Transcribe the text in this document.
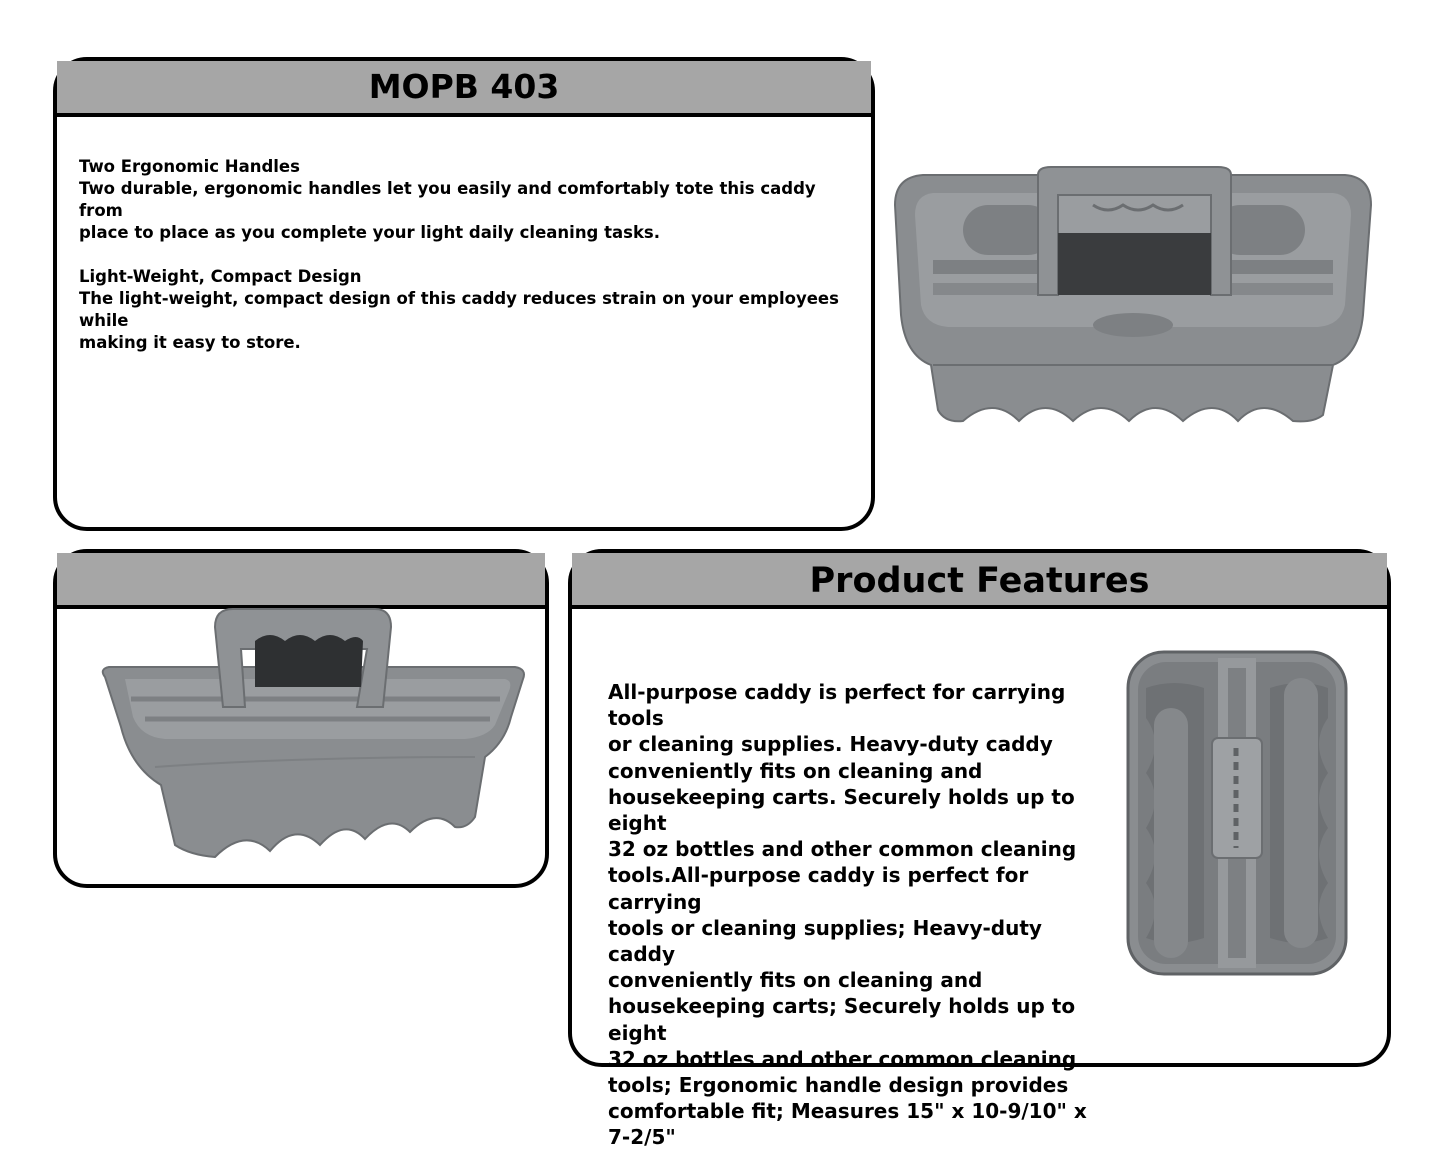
MOPB 403

Two Ergonomic Handles
Two durable, ergonomic handles let you easily and comfortably tote this caddy from
place to place as you complete your light daily cleaning tasks.

Light-Weight, Compact Design
The light-weight, compact design of this caddy reduces strain on your employees while
making it easy to store.

Product Features
All-purpose caddy is perfect for carrying tools
or cleaning supplies. Heavy-duty caddy
conveniently fits on cleaning and
housekeeping carts. Securely holds up to eight
32 oz bottles and other common cleaning
tools.All-purpose caddy is perfect for carrying
tools or cleaning supplies; Heavy-duty caddy
conveniently fits on cleaning and
housekeeping carts; Securely holds up to eight
32 oz bottles and other common cleaning
tools; Ergonomic handle design provides
comfortable fit; Measures 15" x 10-9/10" x
7-2/5"
